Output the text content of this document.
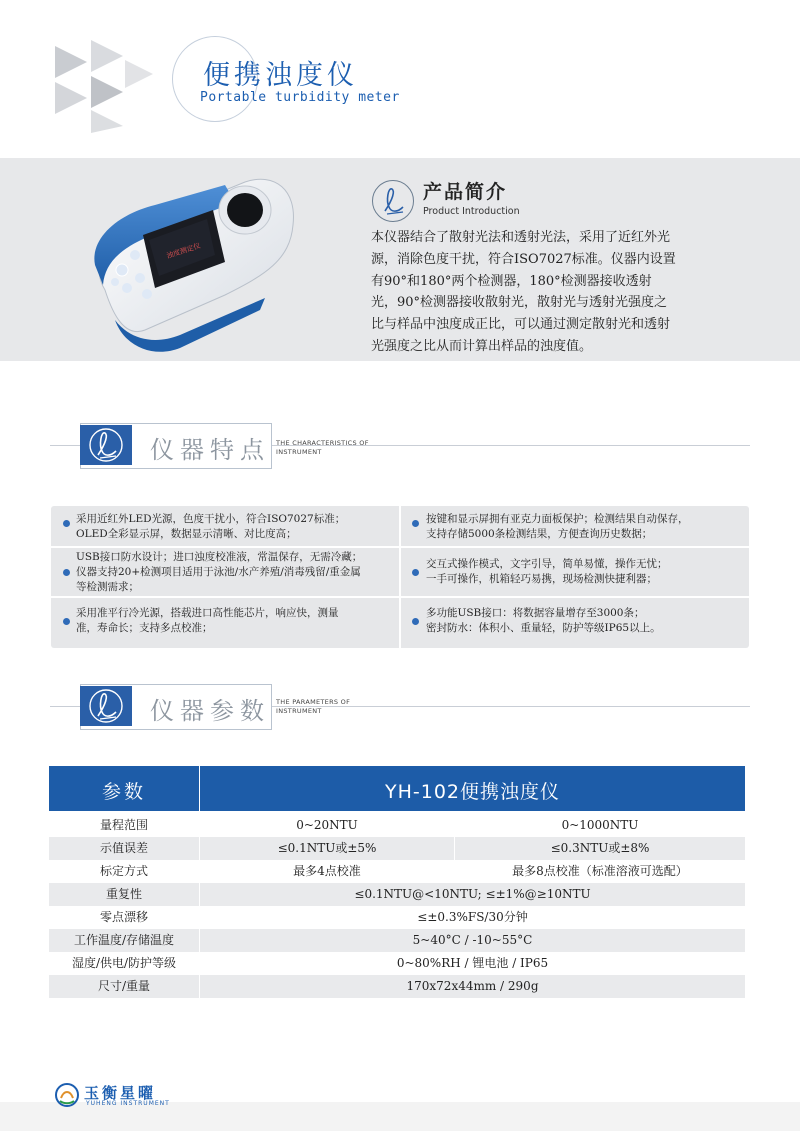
便携浊度仪
Portable turbidity meter
浊度测定仪
产品简介
Product Introduction
本仪器结合了散射光法和透射光法，采用了近红外光
源，消除色度干扰，符合ISO7027标准。仪器内设置
有90°和180°两个检测器，180°检测器接收透射
光，90°检测器接收散射光，散射光与透射光强度之
比与样品中浊度成正比，可以通过测定散射光和透射
光强度之比从而计算出样品的浊度值。
仪器特点 THE CHARACTERISTICS OF
INSTRUMENT
采用近红外LED光源，色度干扰小，符合ISO7027标准；
OLED全彩显示屏，数据显示清晰、对比度高；
按键和显示屏拥有亚克力面板保护；检测结果自动保存，
支持存储5000条检测结果，方便查询历史数据；
USB接口防水设计；进口浊度校准液，常温保存，无需冷藏；
仪器支持20+检测项目适用于泳池/水产养殖/消毒残留/重金属
等检测需求；
交互式操作模式，文字引导，简单易懂，操作无忧；
一手可操作，机箱轻巧易携，现场检测快捷利器；
采用准平行冷光源，搭载进口高性能芯片，响应快，测量
准，寿命长；支持多点校准；
多功能USB接口：将数据容量增存至3000条；
密封防水：体积小、重量轻，防护等级IP65以上。
仪器参数 THE PARAMETERS OF
INSTRUMENT
参数	YH-102便携浊度仪
量程范围	0~20NTU	0~1000NTU
示值误差	≤0.1NTU或±5%	≤0.3NTU或±8%
标定方式	最多4点校准	最多8点校准（标准溶液可选配）
重复性	≤0.1NTU@<10NTU; ≤±1%@≥10NTU
零点漂移	≤±0.3%FS/30分钟
工作温度/存储温度	5~40°C / -10~55°C
湿度/供电/防护等级	0~80%RH / 锂电池 / IP65
尺寸/重量	170x72x44mm / 290g
玉衡星曜
YUHENG INSTRUMENT
